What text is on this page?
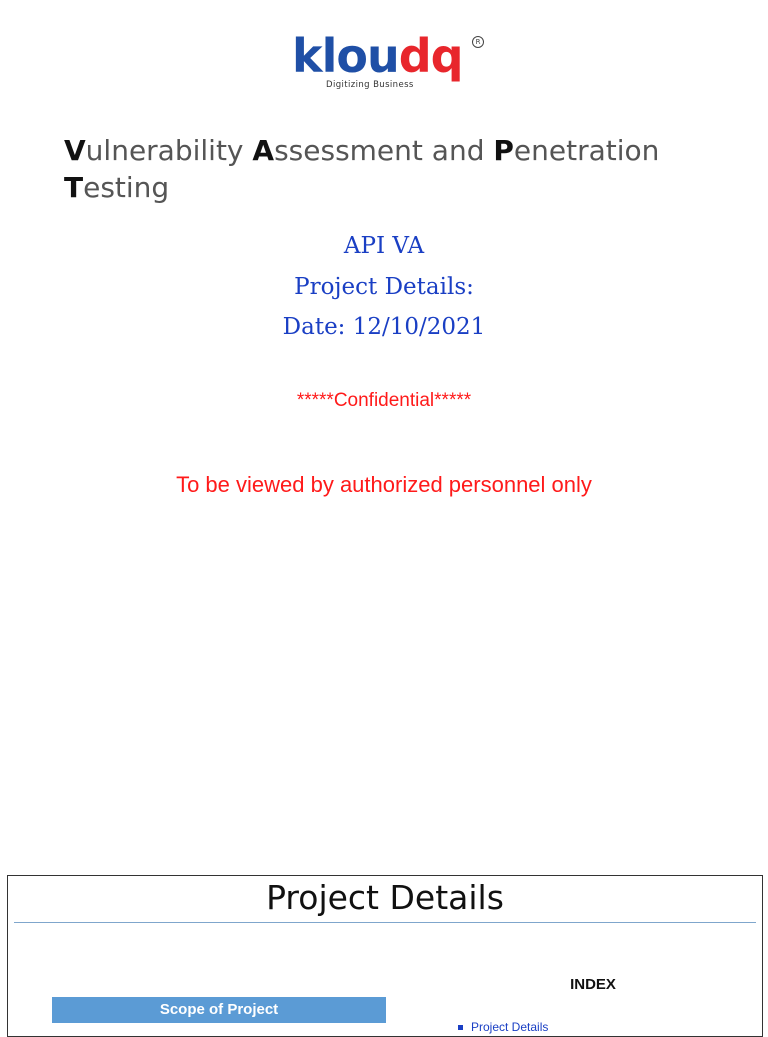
kloudq	R
Digitizing Business
Vulnerability Assessment and Penetration
Testing
API VA
Project Details:
Date: 12/10/2021
*****Confidential*****
To be viewed by authorized personnel only
Project Details
INDEX
Scope of Project
Project Details
